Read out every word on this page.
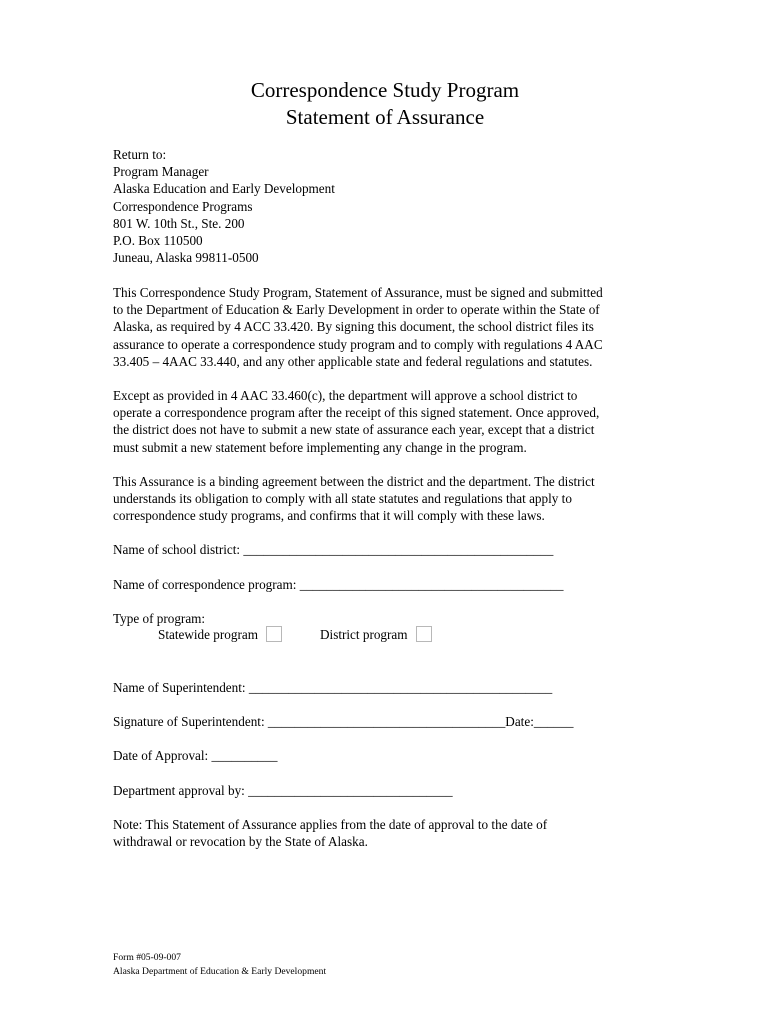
Correspondence Study Program
Statement of Assurance
Return to:
Program Manager
Alaska Education and Early Development
Correspondence Programs
801 W. 10th St., Ste. 200
P.O. Box 110500
Juneau, Alaska 99811-0500
This Correspondence Study Program, Statement of Assurance, must be signed and submitted
to the Department of Education & Early Development in order to operate within the State of
Alaska, as required by 4 ACC 33.420. By signing this document, the school district files its
assurance to operate a correspondence study program and to comply with regulations 4 AAC
33.405 – 4AAC 33.440, and any other applicable state and federal regulations and statutes.
Except as provided in 4 AAC 33.460(c), the department will approve a school district to
operate a correspondence program after the receipt of this signed statement. Once approved,
the district does not have to submit a new state of assurance each year, except that a district
must submit a new statement before implementing any change in the program.
This Assurance is a binding agreement between the district and the department. The district
understands its obligation to comply with all state statutes and regulations that apply to
correspondence study programs, and confirms that it will comply with these laws.
Name of school district: _______________________________________________
Name of correspondence program: ________________________________________
Type of program:
Statewide program	District program
Name of Superintendent: ______________________________________________
Signature of Superintendent: ____________________________________Date:______
Date of Approval: __________
Department approval by: _______________________________
Note: This Statement of Assurance applies from the date of approval to the date of
withdrawal or revocation by the State of Alaska.
Form #05-09-007
Alaska Department of Education & Early Development
